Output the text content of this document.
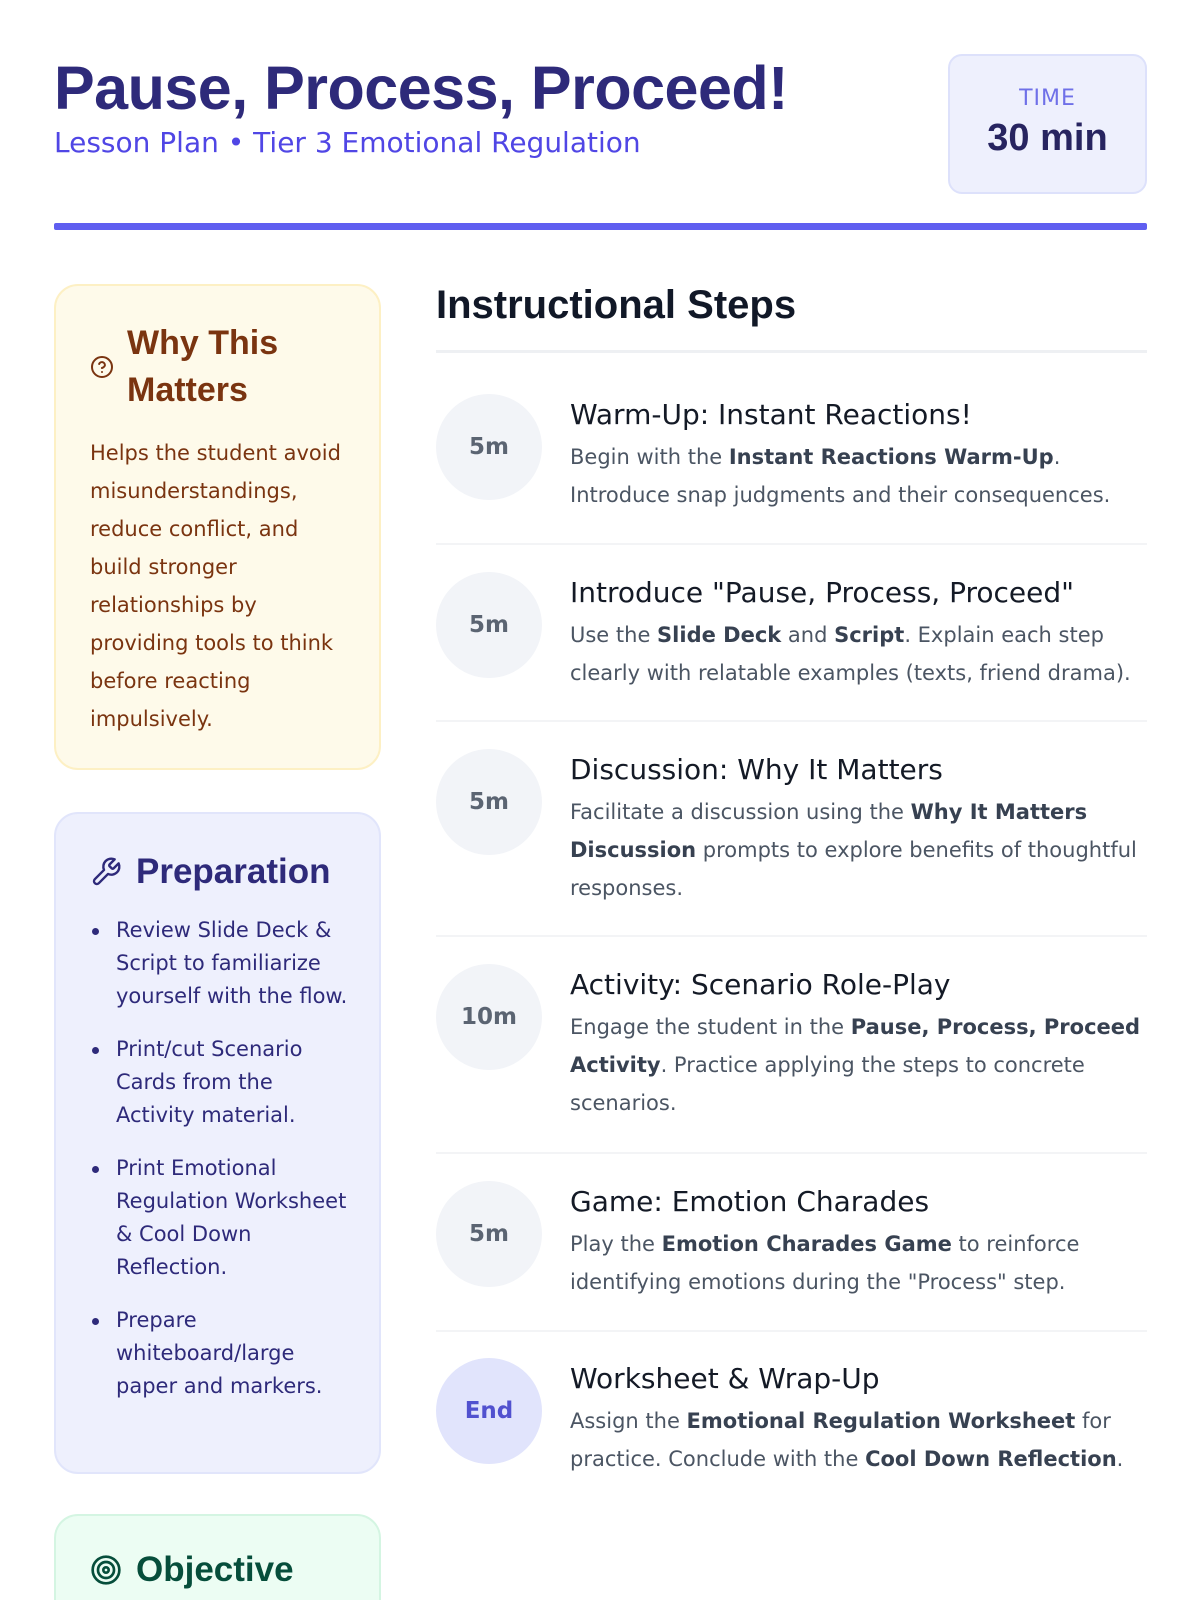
Pause, Process, Proceed!
Lesson Plan • Tier 3 Emotional Regulation
TIME
30 min
Why This Matters
Helps the student avoid misunderstandings, reduce conflict, and build stronger relationships by providing tools to think before reacting impulsively.
Preparation
Review Slide Deck & Script to familiarize yourself with the flow.
Print/cut Scenario Cards from the Activity material.
Print Emotional Regulation Worksheet & Cool Down Reflection.
Prepare whiteboard/large paper and markers.
Objective
Instructional Steps
5m
Warm-Up: Instant Reactions!
Begin with the Instant Reactions Warm-Up. Introduce snap judgments and their consequences.
5m
Introduce "Pause, Process, Proceed"
Use the Slide Deck and Script. Explain each step clearly with relatable examples (texts, friend drama).
5m
Discussion: Why It Matters
Facilitate a discussion using the Why It Matters Discussion prompts to explore benefits of thoughtful responses.
10m
Activity: Scenario Role-Play
Engage the student in the Pause, Process, Proceed Activity. Practice applying the steps to concrete scenarios.
5m
Game: Emotion Charades
Play the Emotion Charades Game to reinforce identifying emotions during the "Process" step.
End
Worksheet & Wrap-Up
Assign the Emotional Regulation Worksheet for practice. Conclude with the Cool Down Reflection.
